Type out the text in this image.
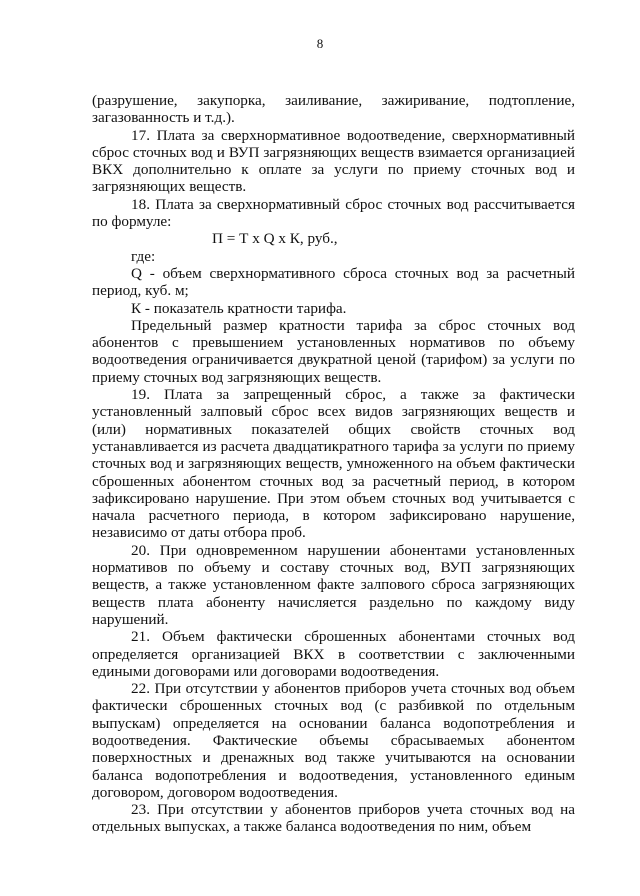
8

(разрушение, закупорка, заиливание, зажиривание, подтопление, загазованность и т.д.).

17. Плата за сверхнормативное водоотведение, сверхнормативный сброс сточных вод и ВУП загрязняющих веществ взимается организацией ВКХ дополнительно к оплате за услуги по приему сточных вод и загрязняющих веществ.

18. Плата за сверхнормативный сброс сточных вод рассчитывается по формуле:

П = Т х Q х К, руб.,

где:

Q - объем сверхнормативного сброса сточных вод за расчетный период, куб. м;

К - показатель кратности тарифа.

Предельный размер кратности тарифа за сброс сточных вод абонентов с превышением установленных нормативов по объему водоотведения ограничивается двукратной ценой (тарифом) за услуги по приему сточных вод загрязняющих веществ.

19. Плата за запрещенный сброс, а также за фактически установленный залповый сброс всех видов загрязняющих веществ и (или) нормативных показателей общих свойств сточных вод устанавливается из расчета двадцатикратного тарифа за услуги по приему сточных вод и загрязняющих веществ, умноженного на объем фактически сброшенных абонентом сточных вод за расчетный период, в котором зафиксировано нарушение. При этом объем сточных вод учитывается с начала расчетного периода, в котором зафиксировано нарушение, независимо от даты отбора проб.

20. При одновременном нарушении абонентами установленных нормативов по объему и составу сточных вод, ВУП загрязняющих веществ, а также установленном факте залпового сброса загрязняющих веществ плата абоненту начисляется раздельно по каждому виду нарушений.

21. Объем фактически сброшенных абонентами сточных вод определяется организацией ВКХ в соответствии с заключенными едиными договорами или договорами водоотведения.

22. При отсутствии у абонентов приборов учета сточных вод объем фактически сброшенных сточных вод (с разбивкой по отдельным выпускам) определяется на основании баланса водопотребления и водоотведения. Фактические объемы сбрасываемых абонентом поверхностных и дренажных вод также учитываются на основании баланса водопотребления и водоотведения, установленного единым договором, договором водоотведения.

23. При отсутствии у абонентов приборов учета сточных вод на отдельных выпусках, а также баланса водоотведения по ним, объем
